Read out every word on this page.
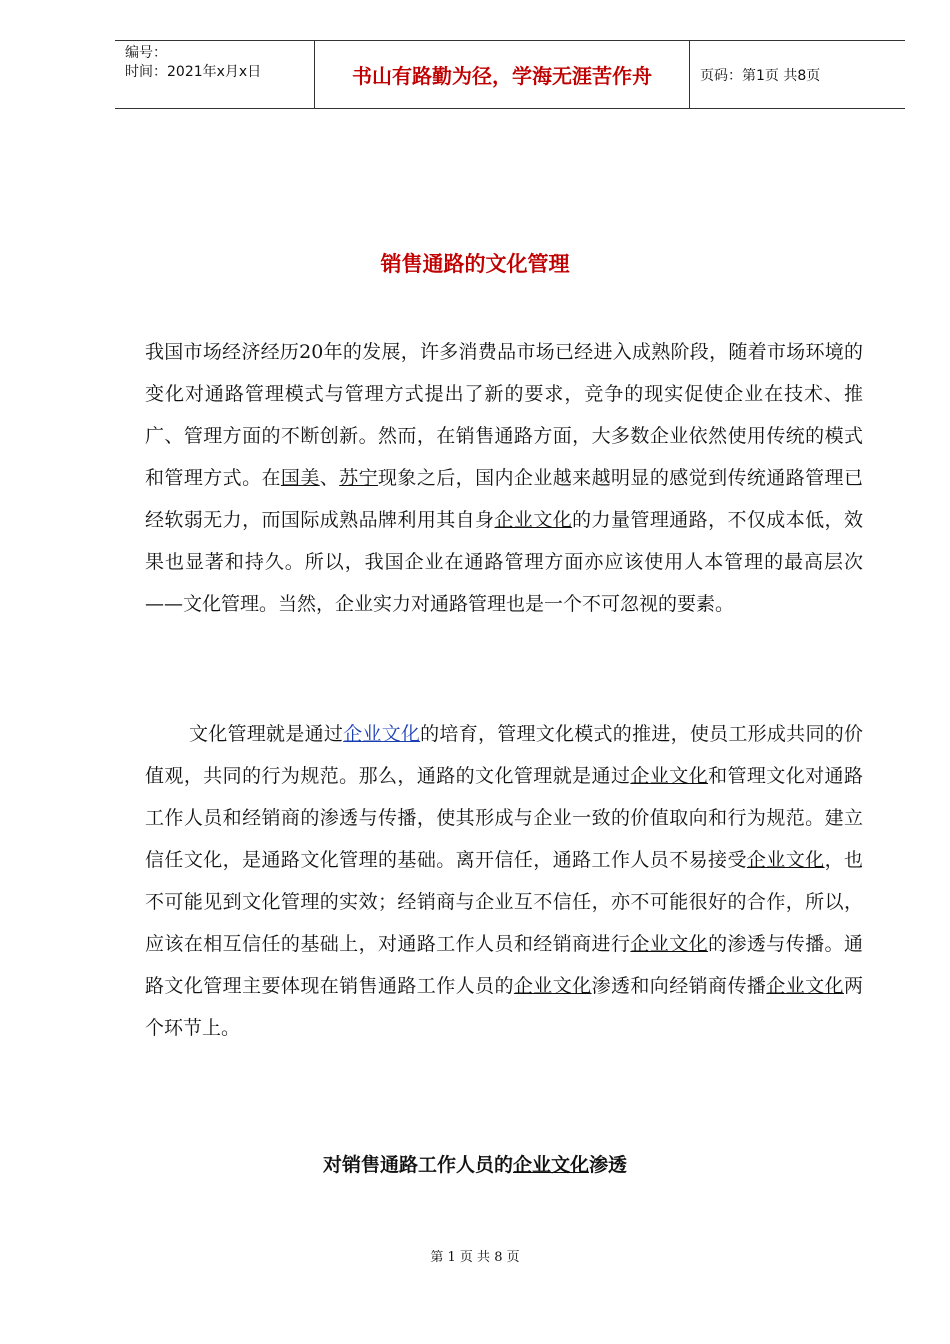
编号：
时间：2021年x月x日	书山有路勤为径，学海无涯苦作舟	页码：第1页 共8页
销售通路的文化管理

我国市场经济经历20年的发展，许多消费品市场已经进入成熟阶段，随着市场环境的变化对通路管理模式与管理方式提出了新的要求，竞争的现实促使企业在技术、推广、管理方面的不断创新。然而，在销售通路方面，大多数企业依然使用传统的模式和管理方式。在国美、苏宁现象之后，国内企业越来越明显的感觉到传统通路管理已经软弱无力，而国际成熟品牌利用其自身企业文化的力量管理通路，不仅成本低，效果也显著和持久。所以，我国企业在通路管理方面亦应该使用人本管理的最高层次——文化管理。当然，企业实力对通路管理也是一个不可忽视的要素。

文化管理就是通过企业文化的培育，管理文化模式的推进，使员工形成共同的价值观，共同的行为规范。那么，通路的文化管理就是通过企业文化和管理文化对通路工作人员和经销商的渗透与传播，使其形成与企业一致的价值取向和行为规范。建立信任文化，是通路文化管理的基础。离开信任，通路工作人员不易接受企业文化，也不可能见到文化管理的实效；经销商与企业互不信任，亦不可能很好的合作，所以，应该在相互信任的基础上，对通路工作人员和经销商进行企业文化的渗透与传播。通路文化管理主要体现在销售通路工作人员的企业文化渗透和向经销商传播企业文化两个环节上。

对销售通路工作人员的企业文化渗透
第 1 页 共 8 页
